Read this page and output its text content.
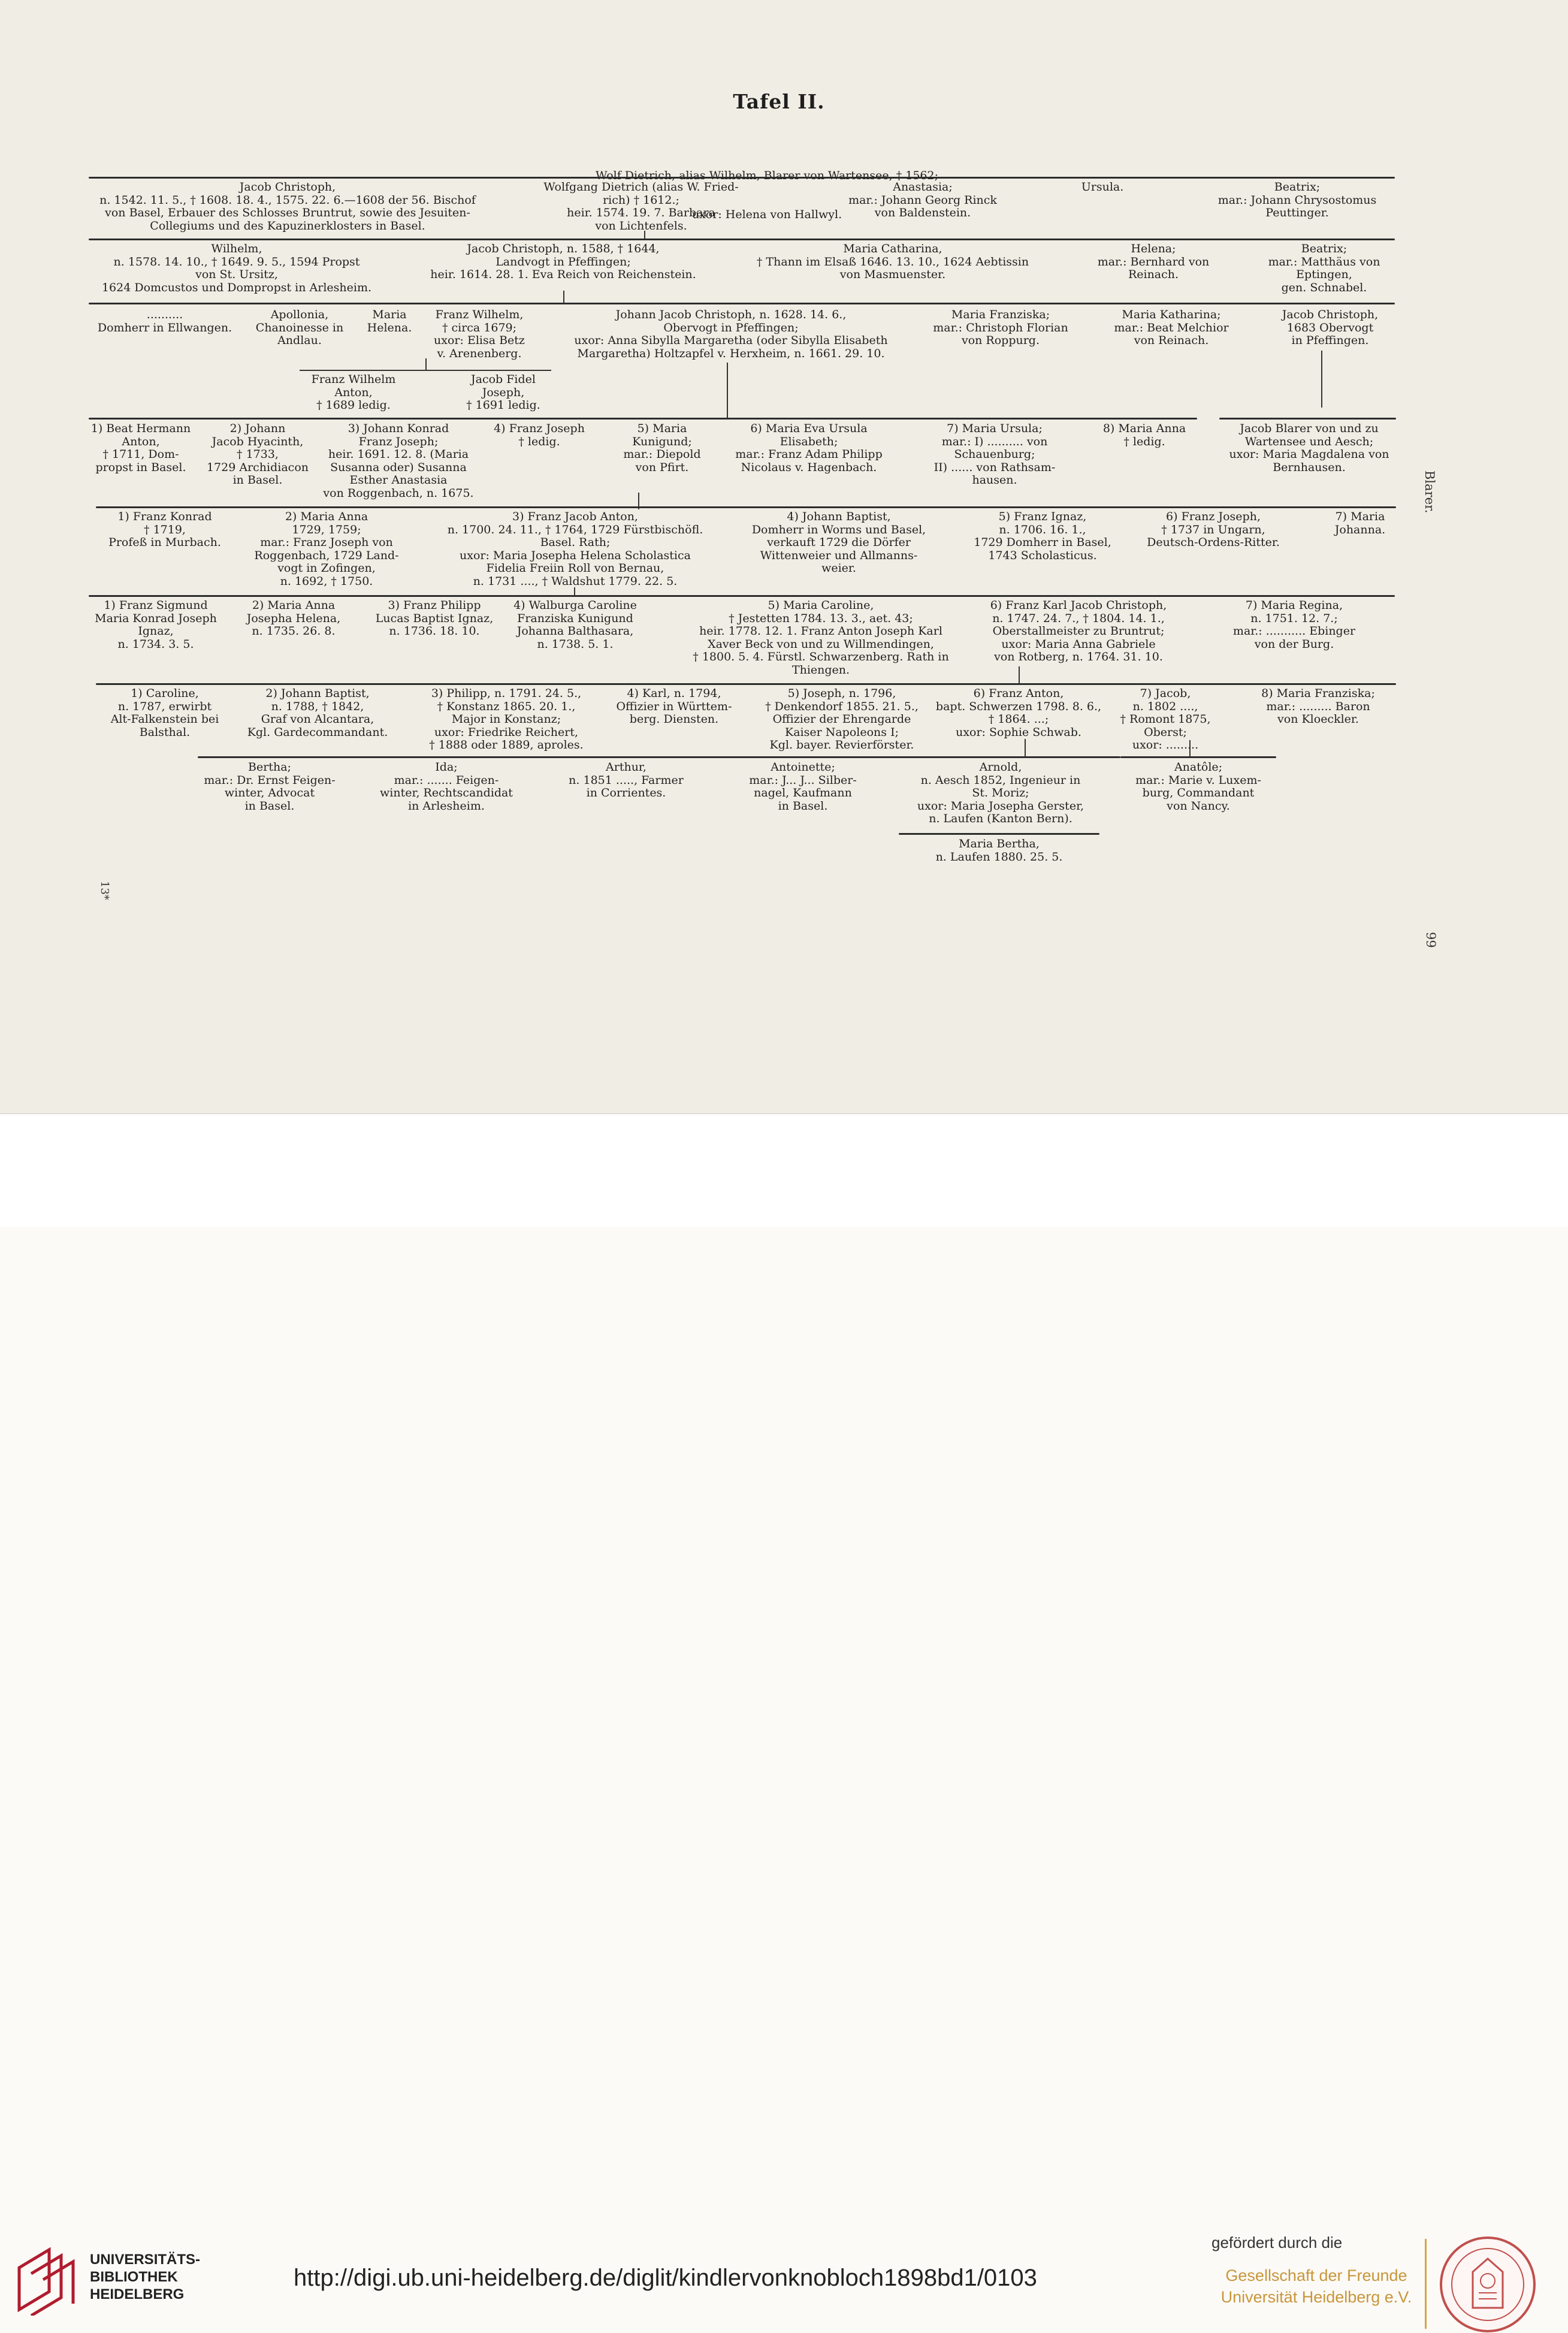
Tafel II.

Wolf Dietrich, alias Wilhelm, Blarer von Wartensee, † 1562;

uxor: Helena von Hallwyl.

Jacob Christoph,
n. 1542. 11. 5., † 1608. 18. 4., 1575. 22. 6.—1608 der 56. Bischof
von Basel, Erbauer des Schlosses Bruntrut, sowie des Jesuiten-
Collegiums und des Kapuzinerklosters in Basel.
Wolfgang Dietrich (alias W. Fried-
rich) † 1612.;
heir. 1574. 19. 7. Barbara
von Lichtenfels.
Anastasia;
mar.: Johann Georg Rinck
von Baldenstein.
Ursula.	Beatrix;
mar.: Johann Chrysostomus
Peuttinger.
Wilhelm,
n. 1578. 14. 10., † 1649. 9. 5., 1594 Propst
von St. Ursitz,
1624 Domcustos und Dompropst in Arlesheim.
Jacob Christoph, n. 1588, † 1644,
Landvogt in Pfeffingen;
heir. 1614. 28. 1. Eva Reich von Reichenstein.
Maria Catharina,
† Thann im Elsaß 1646. 13. 10., 1624 Aebtissin
von Masmuenster.
Helena;
mar.: Bernhard von
Reinach.
Beatrix;
mar.: Matthäus von
Eptingen,
gen. Schnabel.
..........
Domherr in Ellwangen.
Apollonia,
Chanoinesse in
Andlau.
Maria
Helena.
Franz Wilhelm,
† circa 1679;
uxor: Elisa Betz
v. Arenenberg.
Johann Jacob Christoph, n. 1628. 14. 6.,
Obervogt in Pfeffingen;
uxor: Anna Sibylla Margaretha (oder Sibylla Elisabeth
Margaretha) Holtzapfel v. Herxheim, n. 1661. 29. 10.
Maria Franziska;
mar.: Christoph Florian
von Roppurg.
Maria Katharina;
mar.: Beat Melchior
von Reinach.
Jacob Christoph,
1683 Obervogt
in Pfeffingen.
Franz Wilhelm
Anton,
† 1689 ledig.
Jacob Fidel
Joseph,
† 1691 ledig.
1) Beat Hermann
Anton,
† 1711, Dom-
propst in Basel.
2) Johann
Jacob Hyacinth,
† 1733,
1729 Archidiacon
in Basel.
3) Johann Konrad
Franz Joseph;
heir. 1691. 12. 8. (Maria
Susanna oder) Susanna
Esther Anastasia
von Roggenbach, n. 1675.
4) Franz Joseph
† ledig.
5) Maria
Kunigund;
mar.: Diepold
von Pfirt.
6) Maria Eva Ursula
Elisabeth;
mar.: Franz Adam Philipp
Nicolaus v. Hagenbach.
7) Maria Ursula;
mar.: I) .......... von
Schauenburg;
II) ...... von Rathsam-
hausen.
8) Maria Anna
† ledig.
Jacob Blarer von und zu
Wartensee und Aesch;
uxor: Maria Magdalena von
Bernhausen.
1) Franz Konrad
† 1719,
Profeß in Murbach.
2) Maria Anna
1729, 1759;
mar.: Franz Joseph von
Roggenbach, 1729 Land-
vogt in Zofingen,
n. 1692, † 1750.
3) Franz Jacob Anton,
n. 1700. 24. 11., † 1764, 1729 Fürstbischöfl.
Basel. Rath;
uxor: Maria Josepha Helena Scholastica
Fidelia Freiin Roll von Bernau,
n. 1731 ...., † Waldshut 1779. 22. 5.
4) Johann Baptist,
Domherr in Worms und Basel,
verkauft 1729 die Dörfer
Wittenweier und Allmanns-
weier.
5) Franz Ignaz,
n. 1706. 16. 1.,
1729 Domherr in Basel,
1743 Scholasticus.
6) Franz Joseph,
† 1737 in Ungarn,
Deutsch-Ordens-Ritter.
7) Maria
Johanna.
1) Franz Sigmund
Maria Konrad Joseph
Ignaz,
n. 1734. 3. 5.
2) Maria Anna
Josepha Helena,
n. 1735. 26. 8.
3) Franz Philipp
Lucas Baptist Ignaz,
n. 1736. 18. 10.
4) Walburga Caroline
Franziska Kunigund
Johanna Balthasara,
n. 1738. 5. 1.
5) Maria Caroline,
† Jestetten 1784. 13. 3., aet. 43;
heir. 1778. 12. 1. Franz Anton Joseph Karl
Xaver Beck von und zu Willmendingen,
† 1800. 5. 4. Fürstl. Schwarzenberg. Rath in
Thiengen.
6) Franz Karl Jacob Christoph,
n. 1747. 24. 7., † 1804. 14. 1.,
Oberstallmeister zu Bruntrut;
uxor: Maria Anna Gabriele
von Rotberg, n. 1764. 31. 10.
7) Maria Regina,
n. 1751. 12. 7.;
mar.: ........... Ebinger
von der Burg.
1) Caroline,
n. 1787, erwirbt
Alt-Falkenstein bei
Balsthal.
2) Johann Baptist,
n. 1788, † 1842,
Graf von Alcantara,
Kgl. Gardecommandant.
3) Philipp, n. 1791. 24. 5.,
† Konstanz 1865. 20. 1.,
Major in Konstanz;
uxor: Friedrike Reichert,
† 1888 oder 1889, aproles.
4) Karl, n. 1794,
Offizier in Württem-
berg. Diensten.
5) Joseph, n. 1796,
† Denkendorf 1855. 21. 5.,
Offizier der Ehrengarde
Kaiser Napoleons I;
Kgl. bayer. Revierförster.
6) Franz Anton,
bapt. Schwerzen 1798. 8. 6.,
† 1864. ...;
uxor: Sophie Schwab.
7) Jacob,
n. 1802 ....,
† Romont 1875,
Oberst;
uxor: .........
8) Maria Franziska;
mar.: ......... Baron
von Kloeckler.
Bertha;
mar.: Dr. Ernst Feigen-
winter, Advocat
in Basel.
Ida;
mar.: ....... Feigen-
winter, Rechtscandidat
in Arlesheim.
Arthur,
n. 1851 ....., Farmer
in Corrientes.
Antoinette;
mar.: J... J... Silber-
nagel, Kaufmann
in Basel.
Arnold,
n. Aesch 1852, Ingenieur in
St. Moriz;
uxor: Maria Josepha Gerster,
n. Laufen (Kanton Bern).
Anatôle;
mar.: Marie v. Luxem-
burg, Commandant
von Nancy.
Maria Bertha,
n. Laufen 1880. 25. 5.
Blarer.
99
13*
UNIVERSITÄTS-
BIBLIOTHEK
HEIDELBERG
http://digi.ub.uni-heidelberg.de/diglit/kindlervonknobloch1898bd1/0103
gefördert durch die
Gesellschaft der Freunde
Universität Heidelberg e.V.
